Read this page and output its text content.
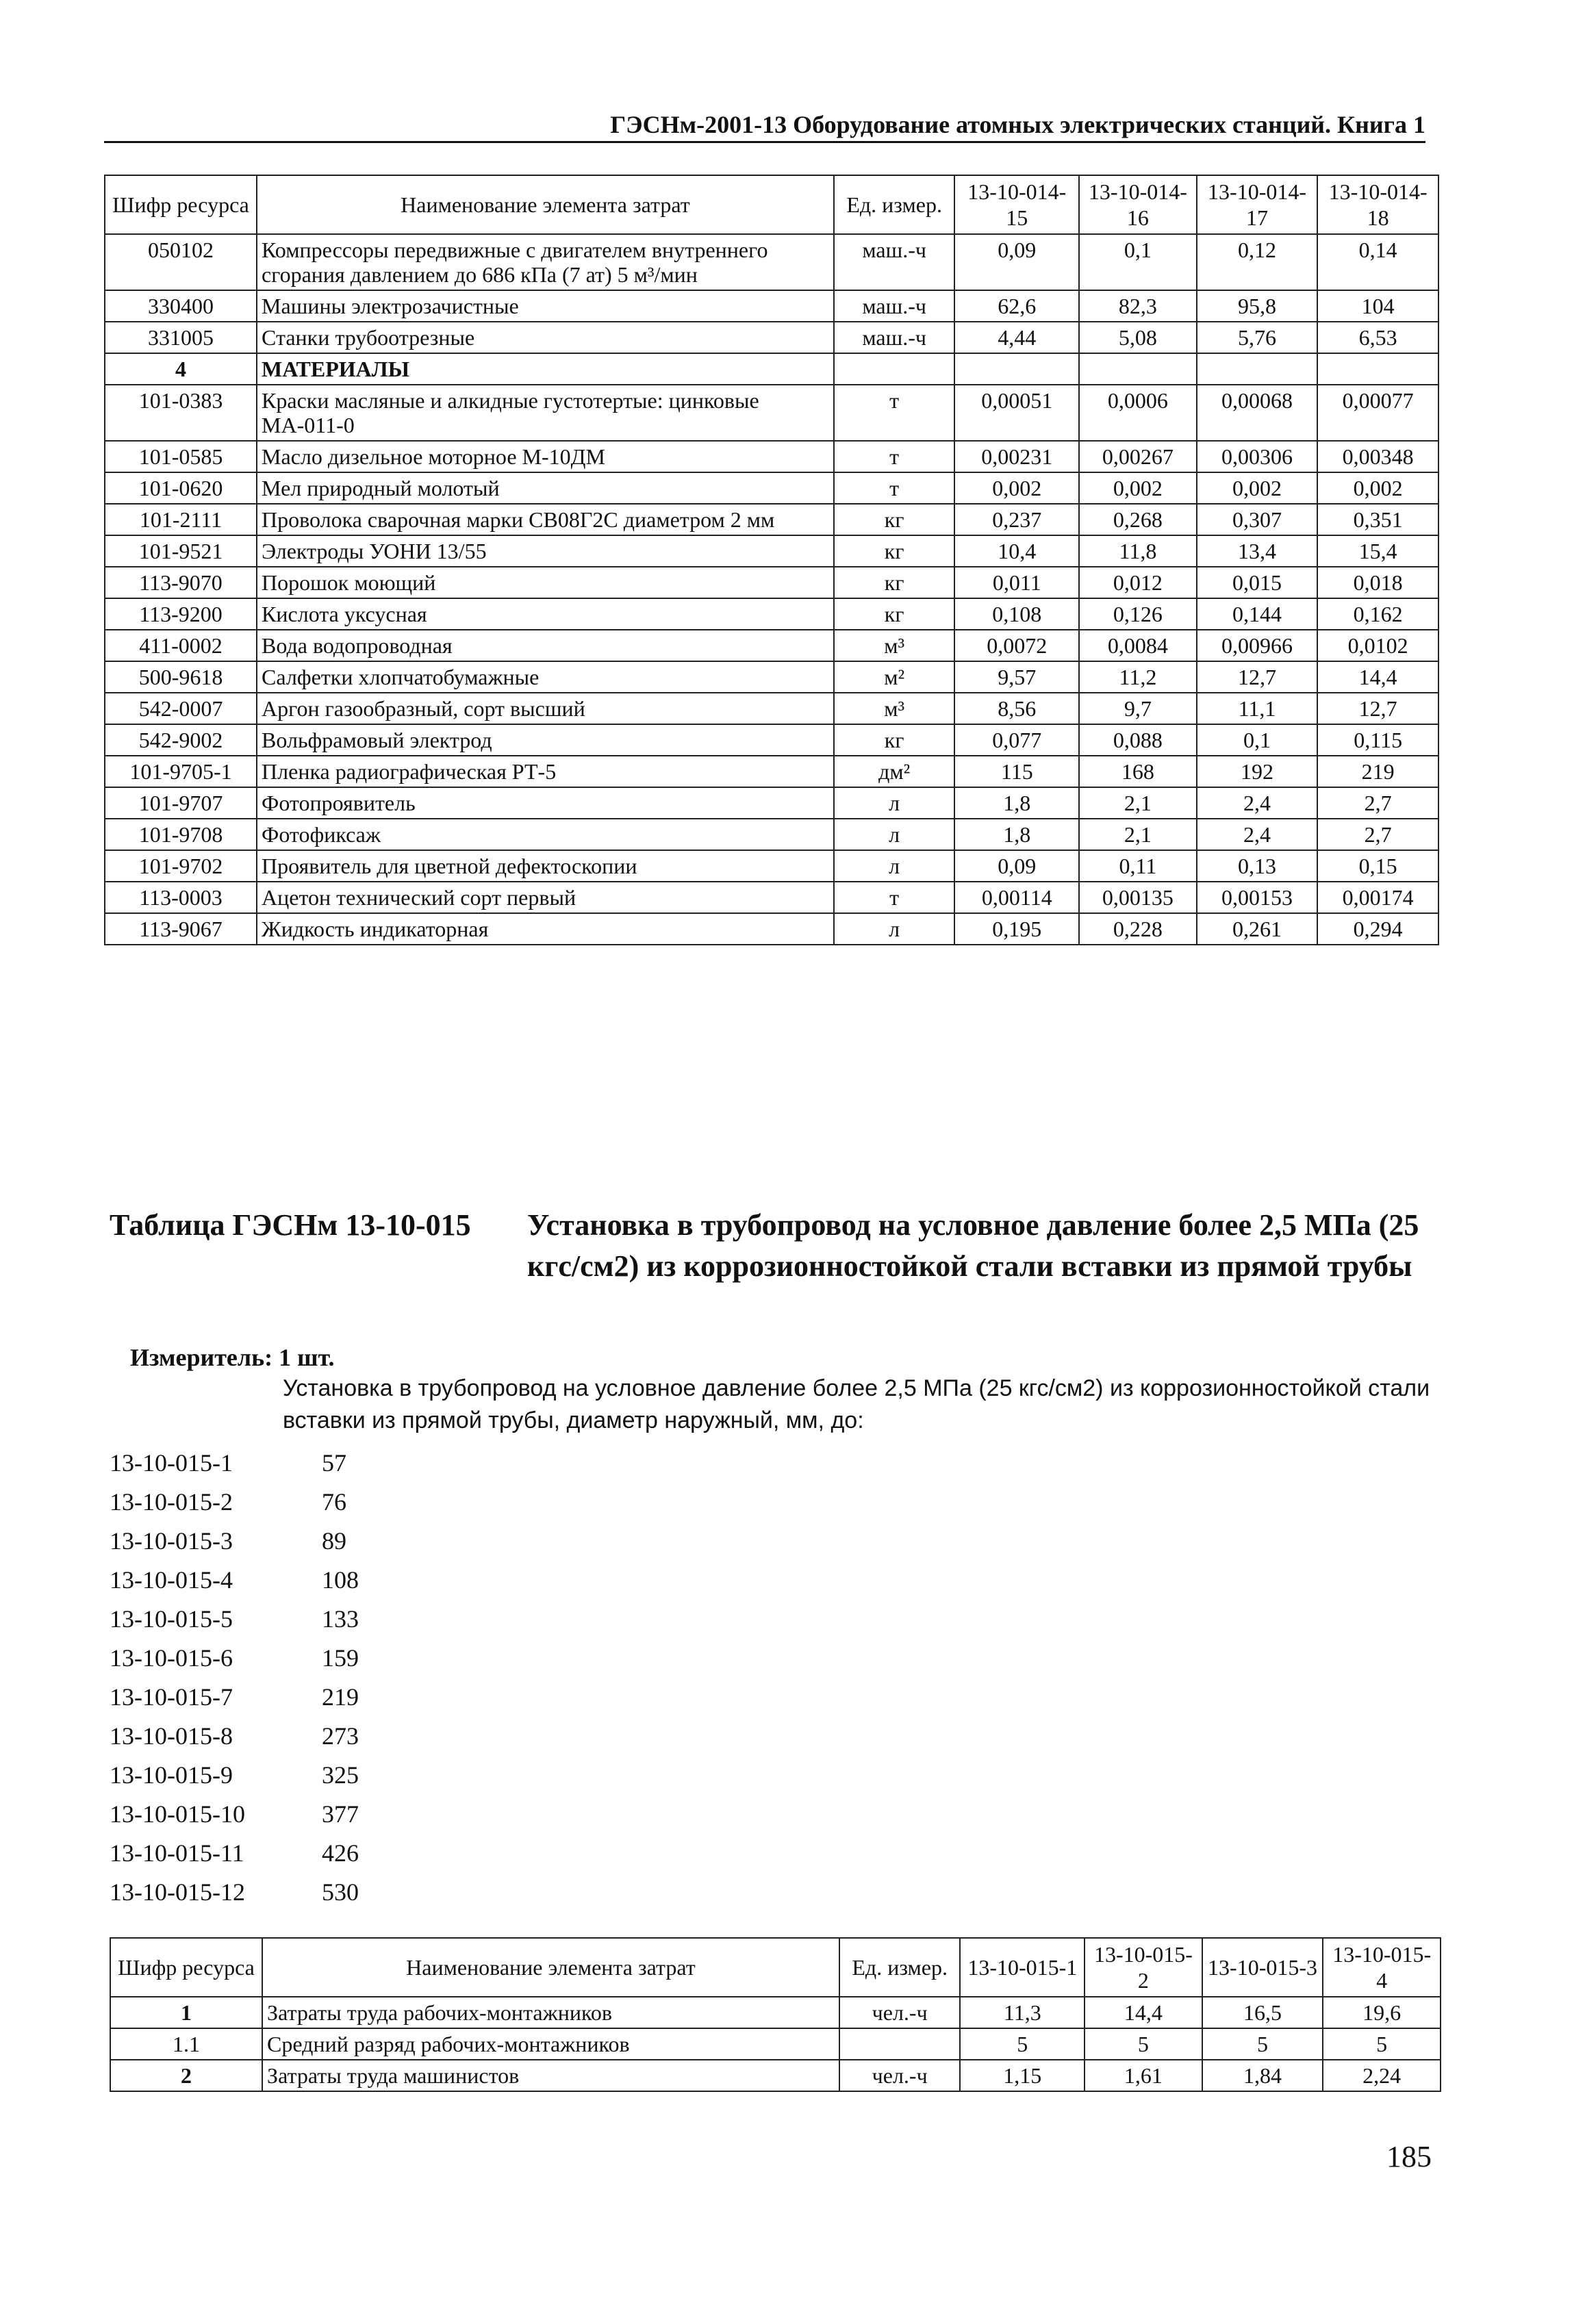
ГЭСНм-2001-13 Оборудование атомных электрических станций. Книга 1
Шифр ресурса	Наименование элемента затрат	Ед. измер.	13-10-014-15	13-10-014-16	13-10-014-17	13-10-014-18
050102	Компрессоры передвижные с двигателем внутреннего сгорания давлением до 686 кПа (7 ат) 5 м³/мин	маш.-ч	0,09	0,1	0,12	0,14
330400	Машины электрозачистные	маш.-ч	62,6	82,3	95,8	104
331005	Станки трубоотрезные	маш.-ч	4,44	5,08	5,76	6,53
4	МАТЕРИАЛЫ					
101-0383	Краски масляные и алкидные густотертые: цинковые МА-011-0	т	0,00051	0,0006	0,00068	0,00077
101-0585	Масло дизельное моторное М-10ДМ	т	0,00231	0,00267	0,00306	0,00348
101-0620	Мел природный молотый	т	0,002	0,002	0,002	0,002
101-2111	Проволока сварочная марки СВ08Г2С диаметром 2 мм	кг	0,237	0,268	0,307	0,351
101-9521	Электроды УОНИ 13/55	кг	10,4	11,8	13,4	15,4
113-9070	Порошок моющий	кг	0,011	0,012	0,015	0,018
113-9200	Кислота уксусная	кг	0,108	0,126	0,144	0,162
411-0002	Вода водопроводная	м³	0,0072	0,0084	0,00966	0,0102
500-9618	Салфетки хлопчатобумажные	м²	9,57	11,2	12,7	14,4
542-0007	Аргон газообразный, сорт высший	м³	8,56	9,7	11,1	12,7
542-9002	Вольфрамовый электрод	кг	0,077	0,088	0,1	0,115
101-9705-1	Пленка радиографическая РТ-5	дм²	115	168	192	219
101-9707	Фотопроявитель	л	1,8	2,1	2,4	2,7
101-9708	Фотофиксаж	л	1,8	2,1	2,4	2,7
101-9702	Проявитель для цветной дефектоскопии	л	0,09	0,11	0,13	0,15
113-0003	Ацетон технический сорт первый	т	0,00114	0,00135	0,00153	0,00174
113-9067	Жидкость индикаторная	л	0,195	0,228	0,261	0,294
Таблица ГЭСНм 13-10-015	Установка в трубопровод на условное давление более 2,5 МПа (25 кгс/см2) из коррозионностойкой стали вставки из прямой трубы
Измеритель: 1 шт.
Установка в трубопровод на условное давление более 2,5 МПа (25 кгс/см2) из коррозионностойкой стали вставки из прямой трубы, диаметр наружный, мм, до:
13-10-015-1	57
13-10-015-2	76
13-10-015-3	89
13-10-015-4	108
13-10-015-5	133
13-10-015-6	159
13-10-015-7	219
13-10-015-8	273
13-10-015-9	325
13-10-015-10	377
13-10-015-11	426
13-10-015-12	530
Шифр ресурса	Наименование элемента затрат	Ед. измер.	13-10-015-1	13-10-015-2	13-10-015-3	13-10-015-4
1	Затраты труда рабочих-монтажников	чел.-ч	11,3	14,4	16,5	19,6
1.1	Средний разряд рабочих-монтажников		5	5	5	5
2	Затраты труда машинистов	чел.-ч	1,15	1,61	1,84	2,24
185
